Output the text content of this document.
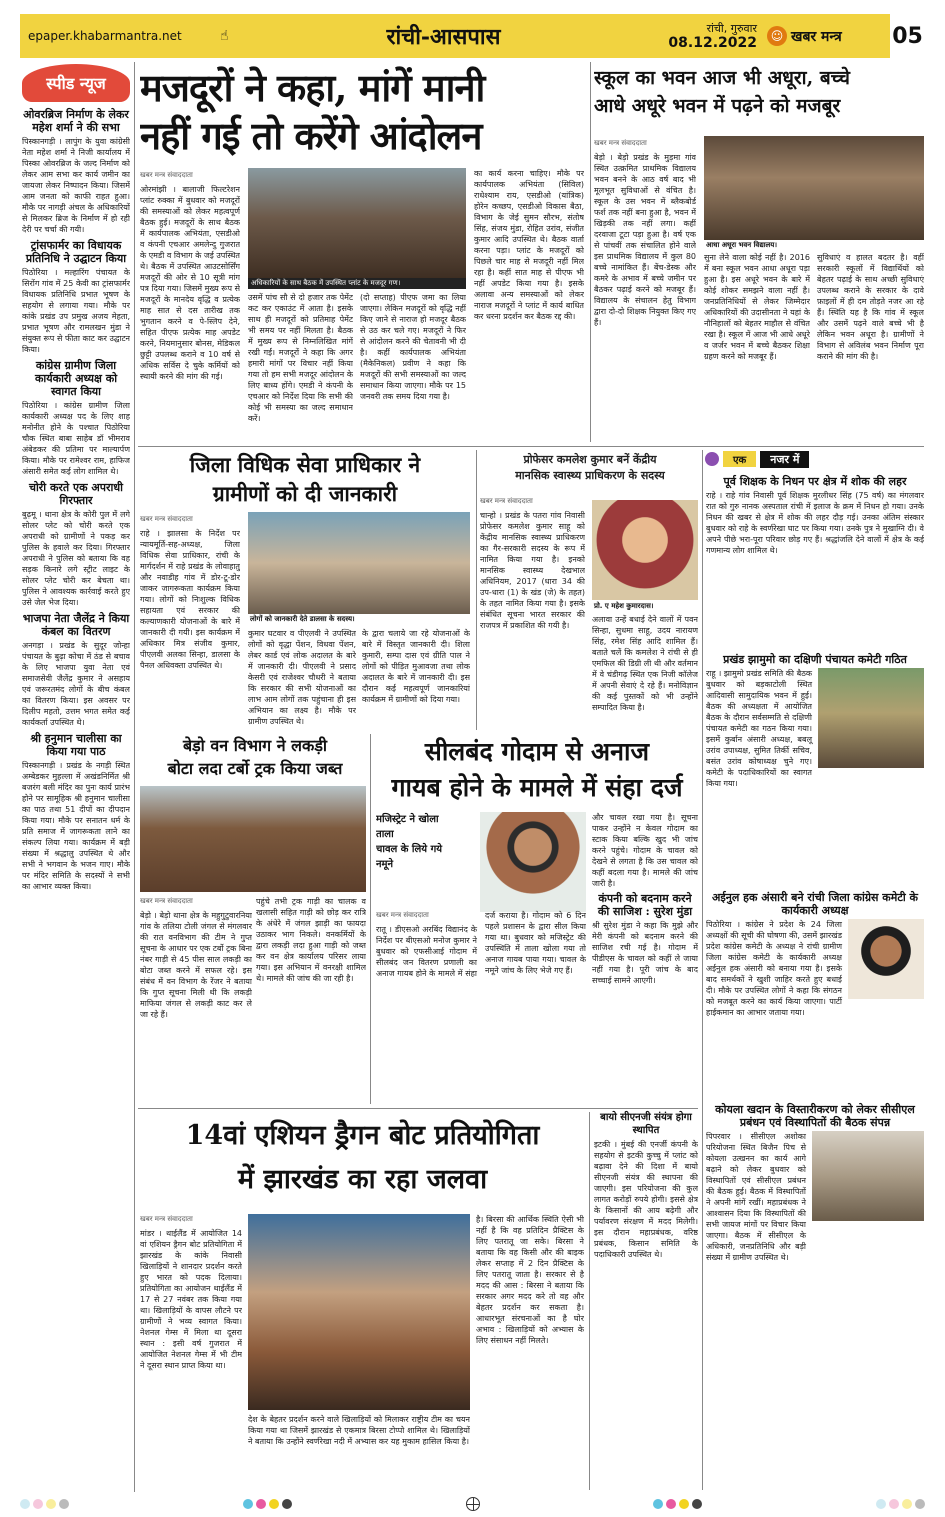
epaper.khabarmantra.net	☝	रांची-आसपास	रांची, गुरुवार
08.12.2022	☺ खबर मन्त्र 05
स्पीड न्यूज
ओवरब्रिज निर्माण के लेकर महेश शर्मा ने की सभा
पिस्कानगड़ी । लापुंग के युवा कांग्रेसी नेता महेश शर्मा ने निजी कार्यालय में पिस्का ओवरब्रिज के जल्द निर्माण को लेकर आम सभा कर कार्य जमीन का जायजा लेकर निष्पादन किया। जिसमें आम जनता को काफी राहत हुआ। मौके पर नागड़ी अंचल के अधिकारियों से मिलकर ब्रिज के निर्माण में हो रही देरी पर चर्चा की गयी।
ट्रांसफार्मर का विधायक प्रतिनिधि ने उद्घाटन किया
पिठोरिया । मल्हारिंग पंचायत के सिरोंग गांव में 25 केवी का ट्रांसफार्मर विधायक प्रतिनिधि प्रभात भूषण के सहयोग से लगाया गया। मौके पर कांके प्रखंड उप प्रमुख अजय मेहता, प्रभात भूषण और रामलखन मुंडा ने संयुक्त रूप से फीता काट कर उद्घाटन किया।
कांग्रेस ग्रामीण जिला कार्यकारी अध्यक्ष को स्वागत किया
पिठोरिया । कांग्रेस ग्रामीण जिला कार्यकारी अध्यक्ष पद के लिए शाह मनोनीत होने के पश्चात पिठोरिया चौक स्थित बाबा साहेब डॉ भीमराव अंबेडकर की प्रतिमा पर माल्यार्पण किया। मौके पर रामेश्वर राम, हाफिज अंसारी समेत कई लोग शामिल थे।
चोरी करते एक अपराधी गिरफ्तार
बुढ़मू । थाना क्षेत्र के कोरी पुल में लगे सोलर प्लेट को चोरी करते एक अपराधी को ग्रामीणों ने पकड़ कर पुलिस के हवाले कर दिया। गिरफ्तार अपराधी ने पुलिस को बताया कि वह सड़क किनारे लगे स्ट्रीट लाइट के सोलर प्लेट चोरी कर बेचता था। पुलिस ने आवश्यक कार्रवाई करते हुए उसे जेल भेज दिया।
भाजपा नेता जैलेंद्र ने किया कंबल का वितरण
अनगड़ा । प्रखंड के सुदूर जोन्हा पंचायत के बुढ़ा कोचा में ठंड से बचाव के लिए भाजपा युवा नेता एवं समाजसेवी जैलेंद्र कुमार ने असहाय एवं जरूरतमंद लोगों के बीच कंबल का वितरण किया। इस अवसर पर दिलीप महतो, उत्तम भगत समेत कई कार्यकर्ता उपस्थित थे।
श्री हनुमान चालीसा का किया गया पाठ
पिस्कानगड़ी । प्रखंड के नगड़ी स्थित अम्बेडकर मुहल्ला में अखंडनिर्मित श्री बजरंग बली मंदिर का पुनः कार्य प्रारंभ होने पर सामूहिक श्री हनुमान चालीसा का पाठ तथा 51 दीपों का दीपदान किया गया। मौके पर सनातन धर्म के प्रति समाज में जागरूकता लाने का संकल्प लिया गया। कार्यक्रम में बड़ी संख्या में श्रद्धालु उपस्थित थे और सभी ने भगवान के भजन गाए। मौके पर मंदिर समिति के सदस्यों ने सभी का आभार व्यक्त किया।
मजदूरों ने कहा, मांगें मानी
नहीं गई तो करेंगे आंदोलन
खबर मन्त्र संवाददाता
ओरमांझी । बालाजी फिल्टरेशन प्लांट रुक्का में बुधवार को मजदूरों की समस्याओं को लेकर महत्वपूर्ण बैठक हुई। मजदूरों के साथ बैठक में कार्यपालक अभियंता, एसडीओ व कंपनी एचआर अमलेन्दु गुजरात के एमडी व विभाग के जई उपस्थित थे। बैठक में उपस्थित आउटसोर्सिंग मजदूरों की ओर से 10 सूत्री मांग पत्र दिया गया। जिसमें मुख्य रूप से मजदूरों के मानदेय वृद्धि व प्रत्येक माह सात से दस तारीख तक भुगतान करने व पे-स्लिप देने, सहित पीएफ प्रत्येक माह अपडेट करने, नियमानुसार बोनस, मेडिकल छुट्टी उपलब्ध कराने व 10 वर्ष से अधिक सर्विस दे चुके कर्मियों को स्थायी करने की मांग की गई।
अधिकारियों के साथ बैठक में उपस्थित प्लांट के मजदूर गण।
उसमें पांच सौ से दो हजार तक पेमेंट कट कर एकाउंट में आता है। इसके साथ ही मजदूरों को प्रतिमाह पेमेंट भी समय पर नहीं मिलता है। बैठक में मुख्य रूप से निम्नलिखित मांगें रखी गईं। मजदूरों ने कहा कि अगर हमारी मांगों पर विचार नहीं किया गया तो हम सभी मजदूर आंदोलन के लिए बाध्य होंगे। एमडी ने कंपनी के एचआर को निर्देश दिया कि सभी की कोई भी समस्या का जल्द समाधान करें।
(दो सप्ताह) पीएफ जमा का लिया जाएगा। लेकिन मजदूरों को वृद्धि नहीं किए जाने से नाराज हो मजदूर बैठक से उठ कर चले गए। मजदूरों ने फिर से आंदोलन करने की चेतावनी भी दी है। कहीं कार्यपालक अभियंता (मैकेनिकल) प्रवीण ने कहा कि मजदूरों की सभी समस्याओं का जल्द समाधान किया जाएगा। मौके पर 15 जनवरी तक समय दिया गया है।
का कार्य करना चाहिए। मौके पर कार्यपालक अभियंता (सिविल) राधेश्याम राय, एसडीओ (यांत्रिक) होरेन कच्छप, एसडीओ विकास बैठा, विभाग के जेई सुमन सौरभ, संतोष सिंह, संजय मुंडा, रोहित उरांव, संजीत कुमार आदि उपस्थित थे। बैठक वार्ता करना पड़ा। प्लांट के मजदूरों को पिछले चार माह से मजदूरी नहीं मिल रहा है। कहीं सात माह से पीएफ भी नहीं अपडेट किया गया है। इसके अलावा अन्य समस्याओं को लेकर नाराज मजदूरों ने प्लांट में कार्य बाधित कर धरना प्रदर्शन कर बैठक रद्द की।
स्कूल का भवन आज भी अधूरा, बच्चे
आधे अधूरे भवन में पढ़ने को मजबूर
खबर मन्त्र संवाददाता
बेड़ो । बेड़ो प्रखंड के मुड़मा गांव स्थित उत्क्रमित प्राथमिक विद्यालय भवन बनने के आठ वर्ष बाद भी मूलभूत सुविधाओं से वंचित है। स्कूल के उस भवन में ब्लैकबोर्ड फर्श तक नहीं बना हुआ है, भवन में खिड़की तक नहीं लगा। कहीं दरवाजा टूटा पड़ा हुआ है। वर्ष एक से पांचवीं तक संचालित होने वाले इस प्राथमिक विद्यालय में कुल 80 बच्चे नामांकित हैं। बेंच-डेस्क और कमरे के अभाव में बच्चे जमीन पर बैठकर पढ़ाई करने को मजबूर हैं। विद्यालय के संचालन हेतु विभाग द्वारा दो-दो शिक्षक नियुक्त किए गए हैं।
आधा अधूरा भवन विद्यालय।
सुना लेने वाला कोई नहीं है। 2016 में बना स्कूल भवन आधा अधूरा पड़ा हुआ है। इस अधूरे भवन के बारे में कोई शोकर समझने वाला नहीं है। जनप्रतिनिधियों से लेकर जिम्मेदार अधिकारियों की उदासीनता ने यहां के नौनिहालों को बेहतर माहौल से वंचित रखा है। स्कूल में आज भी आधे अधूरे व जर्जर भवन में बच्चे बैठकर शिक्षा ग्रहण करने को मजबूर हैं।
सुविधाएं व हालत बदतर है। वहीं सरकारी स्कूलों में विद्यार्थियों को बेहतर पढ़ाई के साथ अच्छी सुविधाएं उपलब्ध कराने के सरकार के दावे फ़ाइलों में ही दम तोड़ते नजर आ रहे हैं। स्थिति यह है कि गांव में स्कूल और उसमें पढ़ने वाले बच्चे भी है लेकिन भवन अधूरा है। ग्रामीणों ने विभाग से अविलंब भवन निर्माण पूरा कराने की मांग की है।
जिला विधिक सेवा प्राधिकार ने
ग्रामीणों को दी जानकारी
खबर मन्त्र संवाददाता
राहे । झालसा के निर्देश पर न्यायमूर्ति-सह-अध्यक्ष, जिला विधिक सेवा प्राधिकार, रांची के मार्गदर्शन में राहे प्रखंड के लोवाहातु और नवाडीह गांव में डोर-टू-डोर जाकर जागरूकता कार्यक्रम किया गया। लोगों को निःशुल्क विधिक सहायता एवं सरकार की कल्याणकारी योजनाओं के बारे में जानकारी दी गयी। इस कार्यक्रम में अधिकार मित्र संजीव कुमार, पीएलवी अलका सिन्हा, डालसा के पैनल अधिवक्ता उपस्थित थे।
लोगों को जानकारी देते डालसा के सदस्य।
कुमार घटवार व पीएलवी ने उपस्थित लोगों को वृद्धा पेंशन, विधवा पेंशन, लेबर कार्ड एवं लोक अदालत के बारे में जानकारी दी। पीएलवी ने प्रसाद केसरी एवं राजेश्वर चौधरी ने बताया कि सरकार की सभी योजनाओं का लाभ आम लोगों तक पहुंचाना ही इस अभियान का लक्ष्य है। मौके पर ग्रामीण उपस्थित थे।
के द्वारा चलाये जा रहे योजनाओं के बारे में विस्तृत जानकारी दी। शिला कुमारी, सम्पा दास एवं ग्रीति पाल ने लोगों को पीड़ित मुआवजा तथा लोक अदालत के बारे में जानकारी दी। इस दौरान कई महत्वपूर्ण जानकारियां कार्यक्रम में ग्रामीणों को दिया गया।
प्रोफेसर कमलेश कुमार बनें केंद्रीय
मानसिक स्वास्थ्य प्राधिकरण के सदस्य
खबर मन्त्र संवाददाता
चान्हो । प्रखंड के पतरा गांव निवासी प्रोफेसर कमलेश कुमार साहू को केंद्रीय मानसिक स्वास्थ्य प्राधिकरण का गैर-सरकारी सदस्य के रूप में नामित किया गया है। इनको मानसिक स्वास्थ्य देखभाल अधिनियम, 2017 (धारा 34 की उप-धारा (1) के खंड (जे) के तहत) के तहत नामित किया गया है। इसके संबंधित सूचना भारत सरकार की राजपत्र में प्रकाशित की गयी है।
प्रो. ए महेश कुमारदास।
अलावा उन्हें बधाई देने वालों में पवन सिन्हा, सुधमा साहू, उदय नारायण सिंह, रमेश सिंह आदि शामिल हैं। बताते चलें कि कमलेश ने रांची से ही एमफिल की डिग्री ली थी और वर्तमान में वे चंडीगढ़ स्थित एक निजी कॉलेज में अपनी सेवाएं दे रहे हैं। मनोविज्ञान की कई पुस्तकों को भी उन्होंने सम्पादित किया है।
बेड़ो वन विभाग ने लकड़ी
बोटा लदा टर्बो ट्रक किया जब्त
खबर मन्त्र संवाददाता
बेड़ो । बेड़ो थाना क्षेत्र के महुगुटुवारनिया गांव के तलिया टोली जंगल से मंगलवार की रात वनविभाग की टीम ने गुप्त सूचना के आधार पर एक टर्बो ट्रक बिना नंबर गाड़ी से 45 पीस साल लकड़ी का बोटा जब्त करने में सफल रहे। इस संबंध में वन विभाग के रेंजर ने बताया कि गुप्त सूचना मिली थी कि लकड़ी माफिया जंगल से लकड़ी काट कर ले जा रहे हैं।
पहुंचे तभी ट्रक गाड़ी का चालक व खलासी सहित गाड़ी को छोड़ कर रात्रि के अंधेरे में जंगल झाड़ी का फायदा उठाकर भाग निकले। वनकर्मियों के द्वारा लकड़ी लदा हुआ गाड़ी को जब्त कर वन क्षेत्र कार्यालय परिसर लाया गया। इस अभियान में वनरक्षी शामिल थे। मामले की जांच की जा रही है।
सीलबंद गोदाम से अनाज
गायब होने के मामले में संहा दर्ज
मजिस्ट्रेट ने खोला
ताला
चावल के लिये गये
नमूने
खबर मन्त्र संवाददाता
रातू । डीएसओ अरबिंद विद्यानंद के निर्देश पर बीएसओ मनोज कुमार ने बुधवार को एफसीआई गोदाम में सीलबंद जन वितरण प्रणाली का अनाज गायब होने के मामले में संहा दर्ज कराया है। गोदाम को 6 दिन पहले प्रशासन के द्वारा सील किया गया था। बुधवार को मजिस्ट्रेट की उपस्थिति में ताला खोला गया तो अनाज गायब पाया गया। चावल के नमूने जांच के लिए भेजे गए हैं।
और चावल रखा गया है। सूचना पाकर उन्होंने न केवल गोदाम का स्टाक किया बल्कि खुद भी जांच करने पहुंचे। गोदाम के चावल को देखने से लगता है कि उस चावल को कहीं बदला गया है। मामले की जांच जारी है।
कंपनी को बदनाम करने की साजिश : सुरेश मुंडा
श्री सुरेश मुंडा ने कहा कि मुझे और मेरी कंपनी को बदनाम करने की साजिश रची गई है। गोदाम में पीडीएस के चावल को कहीं ले जाया नहीं गया है। पूरी जांच के बाद सच्चाई सामने आएगी।
14वां एशियन ड्रैगन बोट प्रतियोगिता
में झारखंड का रहा जलवा
खबर मन्त्र संवाददाता
मांडर । थाईलैंड में आयोजित 14 वां एशियन ड्रैगन बोट प्रतियोगिता में झारखंड के कांके निवासी खिलाड़ियों ने शानदार प्रदर्शन करते हुए भारत को पदक दिलाया। प्रतियोगिता का आयोजन थाईलैंड में 17 से 27 नवंबर तक किया गया था। खिलाड़ियों के वापस लौटने पर ग्रामीणों ने भव्य स्वागत किया। नेशनल गेम्स में मिला था दूसरा स्थान : इसी वर्ष गुजरात में आयोजित नेशनल गेम्स में भी टीम ने दूसरा स्थान प्राप्त किया था।
देश के बेहतर प्रदर्शन करने वाले खिलाड़ियों को मिलाकर राष्ट्रीय टीम का चयन किया गया था जिसमें झारखंड से एकमात्र बिरसा टोप्पो शामिल थे। खिलाड़ियों ने बताया कि उन्होंने स्वर्णरेखा नदी में अभ्यास कर यह मुकाम हासिल किया है।
है। बिरसा की आर्थिक स्थिति ऐसी भी नहीं है कि वह प्रतिदिन प्रैक्टिस के लिए पतरातू जा सके। बिरसा ने बताया कि वह किसी और की बाइक लेकर सप्ताह में 2 दिन प्रैक्टिस के लिए पतरातू जाता है। सरकार से है मदद की आस : बिरसा ने बताया कि सरकार अगर मदद करे तो वह और बेहतर प्रदर्शन कर सकता है। आधारभूत संरचनाओं का है घोर अभाव : खिलाड़ियों को अभ्यास के लिए संसाधन नहीं मिलते।
बायो सीएनजी संयंत्र होगा स्थापित
इटकी । मुंबई की एनर्जी कंपनी के सहयोग से इटकी कुच्चु में प्लांट को बढ़ावा देने की दिशा में बायो सीएनजी संयंत्र की स्थापना की जाएगी। इस परियोजना की कुल लागत करोड़ों रुपये होगी। इससे क्षेत्र के किसानों की आय बढ़ेगी और पर्यावरण संरक्षण में मदद मिलेगी। इस दौरान महाप्रबंधक, वरिष्ठ प्रबंधक, किसान समिति के पदाधिकारी उपस्थित थे।
एक	नजर में
पूर्व शिक्षक के निधन पर क्षेत्र में शोक की लहर
राहे । राहे गांव निवासी पूर्व शिक्षक मुरलीधर सिंह (75 वर्ष) का मंगलवार रात को गुरु नानक अस्पताल रांची में इलाज के क्रम में निधन हो गया। उनके निधन की खबर से क्षेत्र में शोक की लहर दौड़ गई। उनका अंतिम संस्कार बुधवार को राहे के स्वर्णरेखा घाट पर किया गया। उनके पुत्र ने मुखाग्नि दी। वे अपने पीछे भरा-पूरा परिवार छोड़ गए हैं। श्रद्धांजलि देने वालों में क्षेत्र के कई गणमान्य लोग शामिल थे।
प्रखंड झामुमो का दक्षिणी पंचायत कमेटी गठित
राहू । झामुमो प्रखंड समिति की बैठक बुधवार को बड़काटोली स्थित आदिवासी सामुदायिक भवन में हुई। बैठक की अध्यक्षता में आयोजित बैठक के दौरान सर्वसम्मति से दक्षिणी पंचायत कमेटी का गठन किया गया। इसमें कुर्बान अंसारी अध्यक्ष, बबलू उरांव उपाध्यक्ष, सुमित तिर्की सचिव, बसंत उरांव कोषाध्यक्ष चुने गए। कमेटी के पदाधिकारियों का स्वागत किया गया।
अईनुल हक अंसारी बने रांची जिला कांग्रेस कमेटी के कार्यकारी अध्यक्ष
पिठोरिया । कांग्रेस ने प्रदेश के 24 जिला अध्यक्षों की सूची की घोषणा की, उसमें झारखंड प्रदेश कांग्रेस कमेटी के अध्यक्ष ने रांची ग्रामीण जिला कांग्रेस कमेटी के कार्यकारी अध्यक्ष अईनुल हक अंसारी को बनाया गया है। इसके बाद समर्थकों ने खुशी जाहिर करते हुए बधाई दी। मौके पर उपस्थित लोगों ने कहा कि संगठन को मजबूत करने का कार्य किया जाएगा। पार्टी हाईकमान का आभार जताया गया।
कोयला खदान के विस्तारीकरण को लेकर सीसीएल प्रबंधन एवं विस्थापितों की बैठक संपन्न
पिपरवार । सीसीएल अशोका परियोजना स्थित बिजैन पिच से कोयला उत्खनन का कार्य आगे बढ़ाने को लेकर बुधवार को विस्थापितों एवं सीसीएल प्रबंधन की बैठक हुई। बैठक में विस्थापितों ने अपनी मांगें रखीं। महाप्रबंधक ने आश्वासन दिया कि विस्थापितों की सभी जायज मांगों पर विचार किया जाएगा। बैठक में सीसीएल के अधिकारी, जनप्रतिनिधि और बड़ी संख्या में ग्रामीण उपस्थित थे।
